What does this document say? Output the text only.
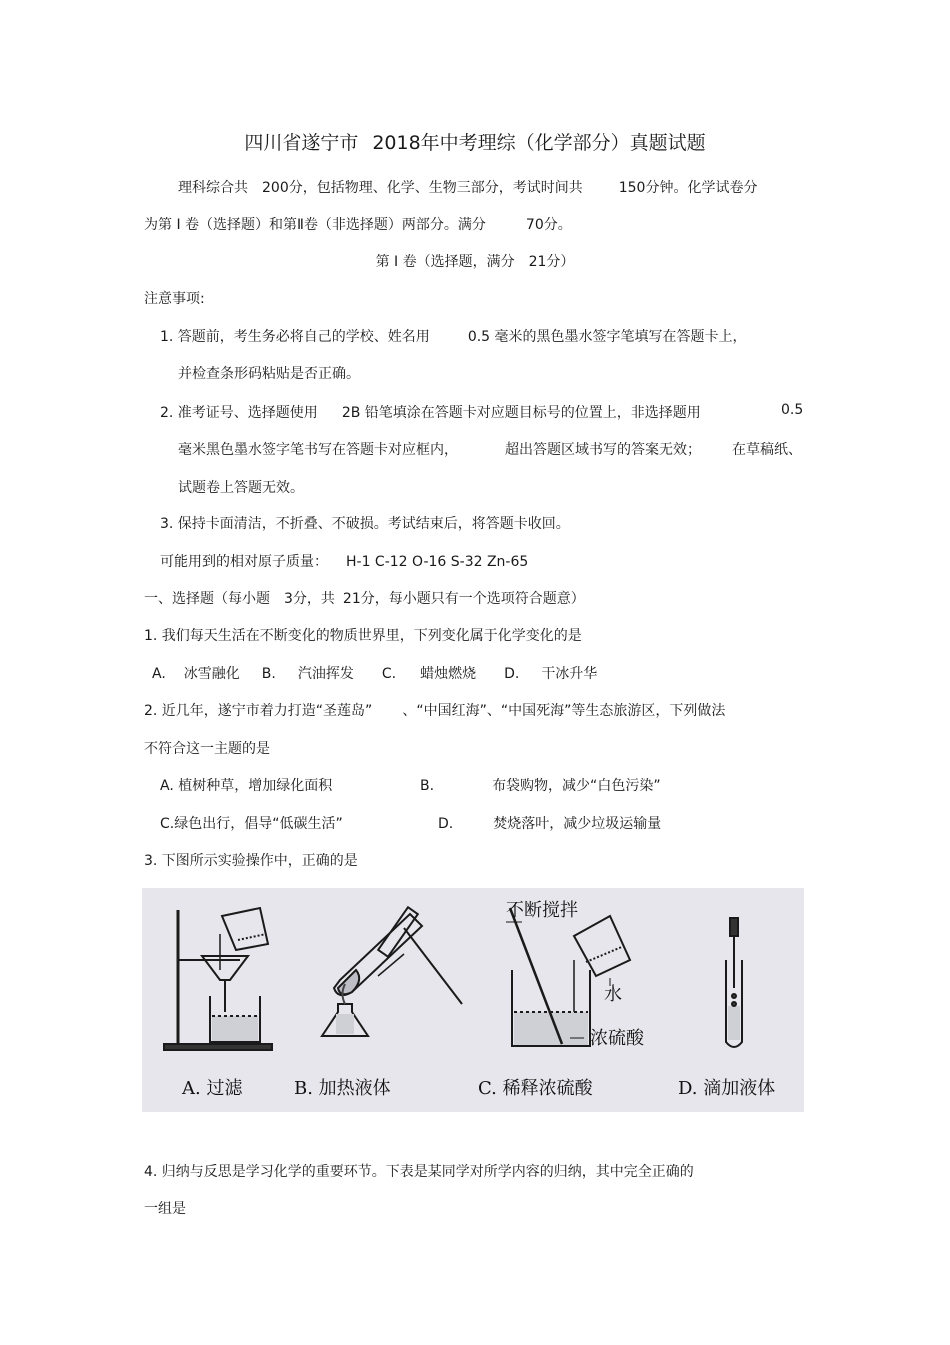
四川省遂宁市 2018年中考理综（化学部分）真题试题
理科综合共 200分，包括物理、化学、生物三部分，考试时间共	150分钟。化学试卷分
为第 Ⅰ 卷（选择题）和第Ⅱ卷（非选择题）两部分。满分	70分。
第 Ⅰ 卷（选择题，满分 21分）
注意事项:
1. 答题前，考生务必将自己的学校、姓名用	0.5 毫米的黑色墨水签字笔填写在答题卡上，
并检查条形码粘贴是否正确。
2. 准考证号、选择题使用 2B 铅笔填涂在答题卡对应题目标号的位置上，非选择题用	0.5
毫米黑色墨水签字笔书写在答题卡对应框内，	超出答题区域书写的答案无效； 在草稿纸、
试题卷上答题无效。
3. 保持卡面清洁，不折叠、不破损。考试结束后，将答题卡收回。
可能用到的相对原子质量： H-1 C-12 O-16 S-32 Zn-65
一、选择题（每小题 3分，共 21分，每小题只有一个选项符合题意）
1. 我们每天生活在不断变化的物质世界里，下列变化属于化学变化的是
A. 冰雪融化 B. 汽油挥发 C. 蜡烛燃烧 D. 干冰升华
2. 近几年，遂宁市着力打造“圣莲岛” 、“中国红海”、“中国死海”等生态旅游区，下列做法
不符合这一主题的是
A. 植树种草，增加绿化面积	B.	布袋购物，减少“白色污染”
C.绿色出行，倡导“低碳生活”	D.	焚烧落叶，减少垃圾运输量
3. 下图所示实验操作中，正确的是
A. 过滤	B. 加热液体	C. 稀释浓硫酸	D. 滴加液体
不断搅拌
水
浓硫酸
4. 归纳与反思是学习化学的重要环节。下表是某同学对所学内容的归纳，其中完全正确的
一组是
